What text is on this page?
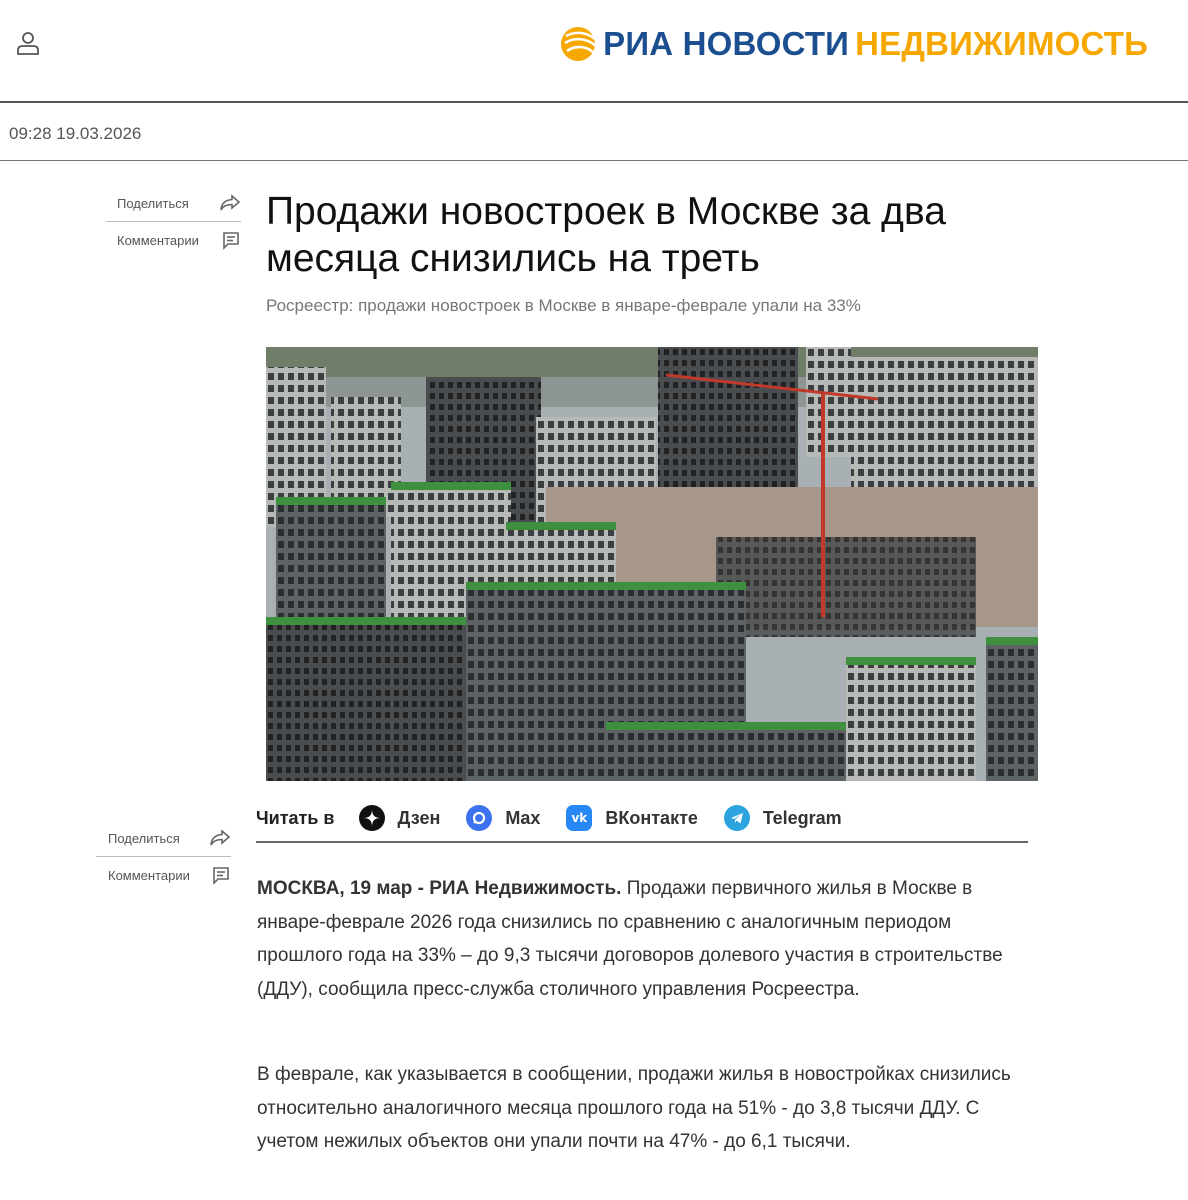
РИА НОВОСТИ НЕДВИЖИМОСТЬ
09:28 19.03.2026
Поделиться
Комментарии
Продажи новостроек в Москве за два месяца снизились на треть
Росреестр: продажи новостроек в Москве в январе-феврале упали на 33%
Поделиться
Комментарии
Читать в	Дзен	Max	vk ВКонтакте	Telegram

МОСКВА, 19 мар - РИА Недвижимость. Продажи первичного жилья в Москве в январе-феврале 2026 года снизились по сравнению с аналогичным периодом прошлого года на 33% – до 9,3 тысячи договоров долевого участия в строительстве (ДДУ), сообщила пресс-служба столичного управления Росреестра.

В феврале, как указывается в сообщении, продажи жилья в новостройках снизились относительно аналогичного месяца прошлого года на 51% - до 3,8 тысячи ДДУ. С учетом нежилых объектов они упали почти на 47% - до 6,1 тысячи.
